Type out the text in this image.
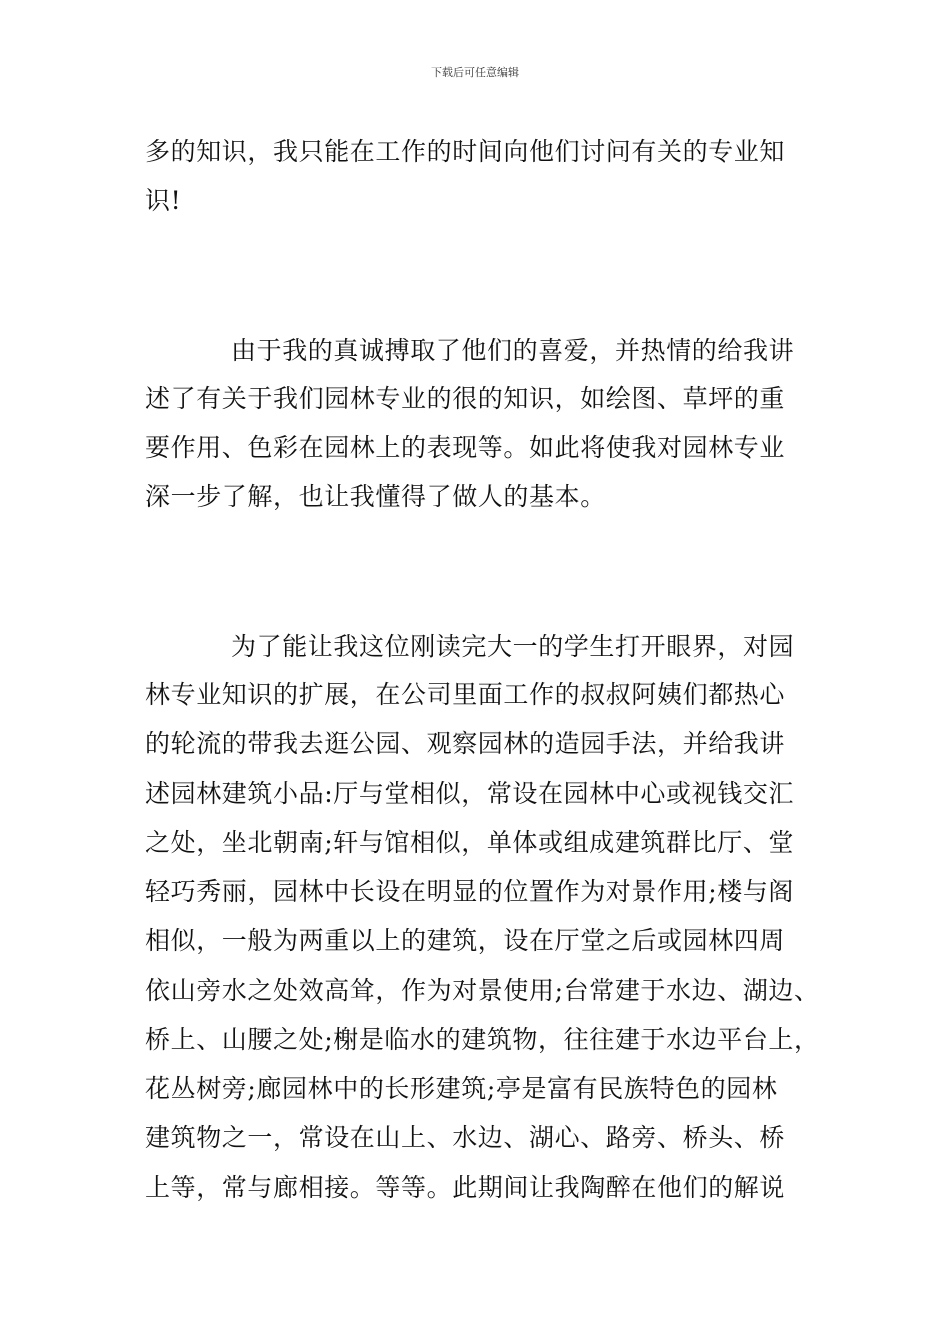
下载后可任意编辑
多的知识，我只能在工作的时间向他们讨问有关的专业知
识!
由于我的真诚搏取了他们的喜爱，并热情的给我讲
述了有关于我们园林专业的很的知识，如绘图、草坪的重
要作用、色彩在园林上的表现等。如此将使我对园林专业
深一步了解，也让我懂得了做人的基本。
为了能让我这位刚读完大一的学生打开眼界，对园
林专业知识的扩展，在公司里面工作的叔叔阿姨们都热心
的轮流的带我去逛公园、观察园林的造园手法，并给我讲
述园林建筑小品:厅与堂相似，常设在园林中心或视钱交汇
之处，坐北朝南;轩与馆相似，单体或组成建筑群比厅、堂
轻巧秀丽，园林中长设在明显的位置作为对景作用;楼与阁
相似，一般为两重以上的建筑，设在厅堂之后或园林四周
依山旁水之处效高耸，作为对景使用;台常建于水边、湖边、
桥上、山腰之处;榭是临水的建筑物，往往建于水边平台上，
花丛树旁;廊园林中的长形建筑;亭是富有民族特色的园林
建筑物之一，常设在山上、水边、湖心、路旁、桥头、桥
上等，常与廊相接。等等。此期间让我陶醉在他们的解说
